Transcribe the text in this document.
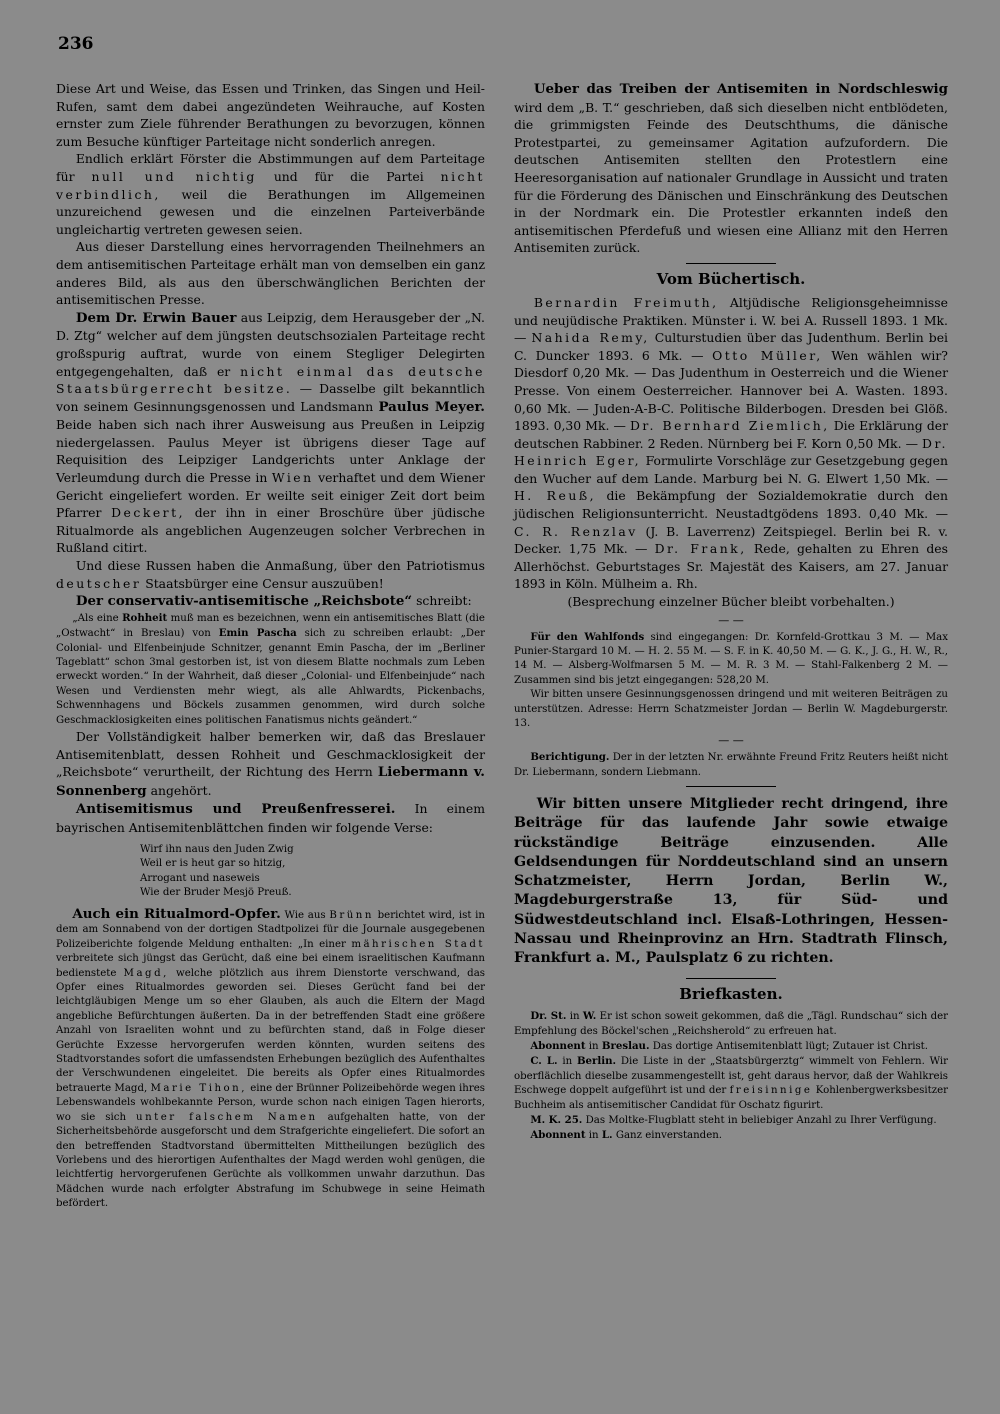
236

Diese Art und Weise, das Essen und Trinken, das Singen und Heil-Rufen, samt dem dabei angezündeten Weihrauche, auf Kosten ernster zum Ziele führender Berathungen zu bevorzugen, können zum Besuche künftiger Parteitage nicht sonderlich anregen.

Endlich erklärt Förster die Abstimmungen auf dem Parteitage für null und nichtig und für die Partei nicht verbindlich, weil die Berathungen im Allgemeinen unzureichend gewesen und die einzelnen Parteiverbände ungleichartig vertreten gewesen seien.

Aus dieser Darstellung eines hervorragenden Theilnehmers an dem antisemitischen Parteitage erhält man von demselben ein ganz anderes Bild, als aus den überschwänglichen Berichten der antisemitischen Presse.

Dem Dr. Erwin Bauer aus Leipzig, dem Herausgeber der „N. D. Ztg“ welcher auf dem jüngsten deutschsozialen Parteitage recht großspurig auftrat, wurde von einem Stegliger Delegirten entgegengehalten, daß er nicht einmal das deutsche Staatsbürgerrecht besitze. — Dasselbe gilt bekanntlich von seinem Gesinnungsgenossen und Landsmann Paulus Meyer. Beide haben sich nach ihrer Ausweisung aus Preußen in Leipzig niedergelassen. Paulus Meyer ist übrigens dieser Tage auf Requisition des Leipziger Landgerichts unter Anklage der Verleumdung durch die Presse in Wien verhaftet und dem Wiener Gericht eingeliefert worden. Er weilte seit einiger Zeit dort beim Pfarrer Deckert, der ihn in einer Broschüre über jüdische Ritualmorde als angeblichen Augenzeugen solcher Verbrechen in Rußland citirt.

Und diese Russen haben die Anmaßung, über den Patriotismus deutscher Staatsbürger eine Censur auszuüben!

Der conservativ-antisemitische „Reichsbote“ schreibt:

„Als eine Rohheit muß man es bezeichnen, wenn ein antisemitisches Blatt (die „Ostwacht“ in Breslau) von Emin Pascha sich zu schreiben erlaubt: „Der Colonial- und Elfenbeinjude Schnitzer, genannt Emin Pascha, der im „Berliner Tageblatt“ schon 3mal gestorben ist, ist von diesem Blatte nochmals zum Leben erweckt worden.“ In der Wahrheit, daß dieser „Colonial- und Elfenbeinjude“ nach Wesen und Verdiensten mehr wiegt, als alle Ahlwardts, Pickenbachs, Schwennhagens und Böckels zusammen genommen, wird durch solche Geschmacklosigkeiten eines politischen Fanatismus nichts geändert.“

Der Vollständigkeit halber bemerken wir, daß das Breslauer Antisemitenblatt, dessen Rohheit und Geschmacklosigkeit der „Reichsbote“ verurtheilt, der Richtung des Herrn Liebermann v. Sonnenberg angehört.

Antisemitismus und Preußenfresserei. In einem bayrischen Antisemitenblättchen finden wir folgende Verse:

Wirf ihn naus den Juden Zwig
Weil er is heut gar so hitzig,
Arrogant und naseweis
Wie der Bruder Mesjö Preuß.

Auch ein Ritualmord-Opfer. Wie aus Brünn berichtet wird, ist in dem am Sonnabend von der dortigen Stadtpolizei für die Journale ausgegebenen Polizeiberichte folgende Meldung enthalten: „In einer mährischen Stadt verbreitete sich jüngst das Gerücht, daß eine bei einem israelitischen Kaufmann bedienstete Magd, welche plötzlich aus ihrem Dienstorte verschwand, das Opfer eines Ritualmordes geworden sei. Dieses Gerücht fand bei der leichtgläubigen Menge um so eher Glauben, als auch die Eltern der Magd angebliche Befürchtungen äußerten. Da in der betreffenden Stadt eine größere Anzahl von Israeliten wohnt und zu befürchten stand, daß in Folge dieser Gerüchte Exzesse hervorgerufen werden könnten, wurden seitens des Stadtvorstandes sofort die umfassendsten Erhebungen bezüglich des Aufenthaltes der Verschwundenen eingeleitet. Die bereits als Opfer eines Ritualmordes betrauerte Magd, Marie Tihon, eine der Brünner Polizeibehörde wegen ihres Lebenswandels wohlbekannte Person, wurde schon nach einigen Tagen hierorts, wo sie sich unter falschem Namen aufgehalten hatte, von der Sicherheitsbehörde ausgeforscht und dem Strafgerichte eingeliefert. Die sofort an den betreffenden Stadtvorstand übermittelten Mittheilungen bezüglich des Vorlebens und des hierortigen Aufenthaltes der Magd werden wohl genügen, die leichtfertig hervorgerufenen Gerüchte als vollkommen unwahr darzuthun. Das Mädchen wurde nach erfolgter Abstrafung im Schubwege in seine Heimath befördert.

Ueber das Treiben der Antisemiten in Nordschleswig wird dem „B. T.“ geschrieben, daß sich dieselben nicht entblödeten, die grimmigsten Feinde des Deutschthums, die dänische Protestpartei, zu gemeinsamer Agitation aufzufordern. Die deutschen Antisemiten stellten den Protestlern eine Heeresorganisation auf nationaler Grundlage in Aussicht und traten für die Förderung des Dänischen und Einschränkung des Deutschen in der Nordmark ein. Die Protestler erkannten indeß den antisemitischen Pferdefuß und wiesen eine Allianz mit den Herren Antisemiten zurück.

Vom Büchertisch.

Bernardin Freimuth, Altjüdische Religionsgeheimnisse und neujüdische Praktiken. Münster i. W. bei A. Russell 1893. 1 Mk. — Nahida Remy, Culturstudien über das Judenthum. Berlin bei C. Duncker 1893. 6 Mk. — Otto Müller, Wen wählen wir? Diesdorf 0,20 Mk. — Das Judenthum in Oesterreich und die Wiener Presse. Von einem Oesterreicher. Hannover bei A. Wasten. 1893. 0,60 Mk. — Juden-A-B-C. Politische Bilderbogen. Dresden bei Glöß. 1893. 0,30 Mk. — Dr. Bernhard Ziemlich, Die Erklärung der deutschen Rabbiner. 2 Reden. Nürnberg bei F. Korn 0,50 Mk. — Dr. Heinrich Eger, Formulirte Vorschläge zur Gesetzgebung gegen den Wucher auf dem Lande. Marburg bei N. G. Elwert 1,50 Mk. — H. Reuß, die Bekämpfung der Sozialdemokratie durch den jüdischen Religionsunterricht. Neustadtgödens 1893. 0,40 Mk. — C. R. Renzlav (J. B. Laverrenz) Zeitspiegel. Berlin bei R. v. Decker. 1,75 Mk. — Dr. Frank, Rede, gehalten zu Ehren des Allerhöchst. Geburtstages Sr. Majestät des Kaisers, am 27. Januar 1893 in Köln. Mülheim a. Rh.

(Besprechung einzelner Bücher bleibt vorbehalten.)

— —

Für den Wahlfonds sind eingegangen: Dr. Kornfeld-Grottkau 3 M. — Max Punier-Stargard 10 M. — H. 2. 55 M. — S. F. in K. 40,50 M. — G. K., J. G., H. W., R., 14 M. — Alsberg-Wolfmarsen 5 M. — M. R. 3 M. — Stahl-Falkenberg 2 M. — Zusammen sind bis jetzt eingegangen: 528,20 M.

Wir bitten unsere Gesinnungsgenossen dringend und mit weiteren Beiträgen zu unterstützen. Adresse: Herrn Schatzmeister Jordan — Berlin W. Magdeburgerstr. 13.

— —

Berichtigung. Der in der letzten Nr. erwähnte Freund Fritz Reuters heißt nicht Dr. Liebermann, sondern Liebmann.

Wir bitten unsere Mitglieder recht dringend, ihre Beiträge für das laufende Jahr sowie etwaige rückständige Beiträge einzusenden. Alle Geldsendungen für Norddeutschland sind an unsern Schatzmeister, Herrn Jordan, Berlin W., Magdeburgerstraße 13, für Süd- und Südwestdeutschland incl. Elsaß-Lothringen, Hessen-Nassau und Rheinprovinz an Hrn. Stadtrath Flinsch, Frankfurt a. M., Paulsplatz 6 zu richten.

Briefkasten.

Dr. St. in W. Er ist schon soweit gekommen, daß die „Tägl. Rundschau“ sich der Empfehlung des Böckel'schen „Reichsherold“ zu erfreuen hat.

Abonnent in Breslau. Das dortige Antisemitenblatt lügt; Zutauer ist Christ.

C. L. in Berlin. Die Liste in der „Staatsbürgerztg“ wimmelt von Fehlern. Wir oberflächlich dieselbe zusammengestellt ist, geht daraus hervor, daß der Wahlkreis Eschwege doppelt aufgeführt ist und der freisinnige Kohlenbergwerksbesitzer Buchheim als antisemitischer Candidat für Oschatz figurirt.

M. K. 25. Das Moltke-Flugblatt steht in beliebiger Anzahl zu Ihrer Verfügung.

Abonnent in L. Ganz einverstanden.
